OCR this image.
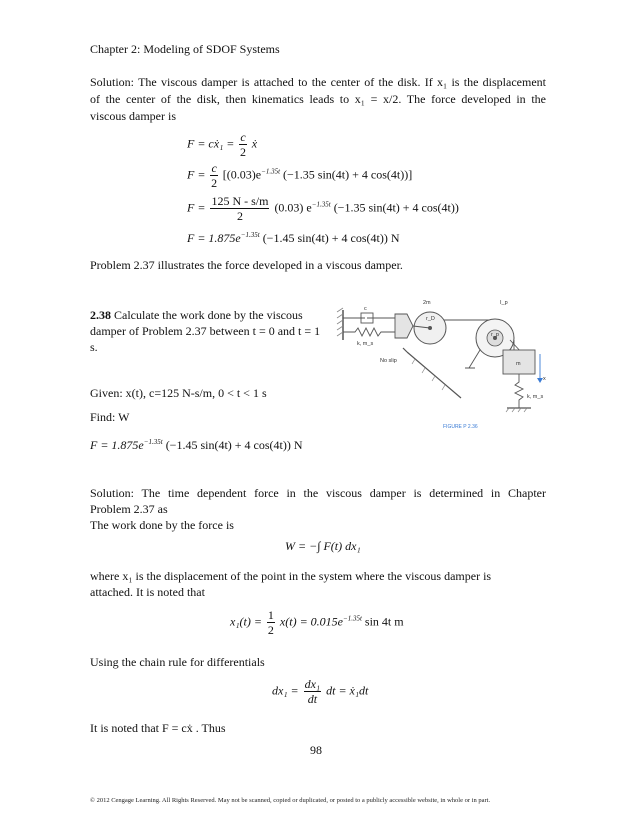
Chapter 2: Modeling of SDOF Systems
Solution: The viscous damper is attached to the center of the disk. If x₁ is the displacement
of the center of the disk, then kinematics leads to x₁ = x/2. The force developed in the
viscous damper is
F = cẋ₁ = $\frac{c}{2}$ ẋ
$F = \frac{c}{2} [(0.03)e^{-1.35t}$ (−1.35 sin(4t) + 4 cos(4t))]
$F = \frac{125 N - s/m}{2} (0.03)$ $e^{-1.35t}$ (−1.35 sin(4t) + 4 cos(4t))
$F = 1.875e^{-1.35t}$ (−1.45 sin(4t) + 4 cos(4t)) N
Problem 2.37 illustrates the force developed in a viscous damper.
2.38 Calculate the work done by the viscous
damper of Problem 2.37 between t = 0 and t = 1
s.
2m
r_D
I_p
r_p
c
k, m_s
No slip	m
x
k, m_s
FIGURE P 2.36
Given: x(t), c=125 N-s/m, 0 < t < 1 s
Find: W
$F = 1.875e^{-1.35t}$ (−1.45 sin(4t) + 4 cos(4t)) N
Solution: The time dependent force in the viscous damper is determined in Chapter
Problem 2.37 as
The work done by the force is
W = −∫ F(t) dx₁
where x₁ is the displacement of the point in the system where the viscous damper is
attached. It is noted that
$x_1(t) = \frac{1}{2} x(t) = 0.015e^{-1.35t}$ sin 4t m
Using the chain rule for differentials
$dx_1 = \frac{\text{dx₁}}{dt}$ dt = ẋ₁dt
It is noted that F = cẋ . Thus
98
© 2012 Cengage Learning. All Rights Reserved. May not be scanned, copied or duplicated, or posted to a publicly accessible website, in whole or in part.
